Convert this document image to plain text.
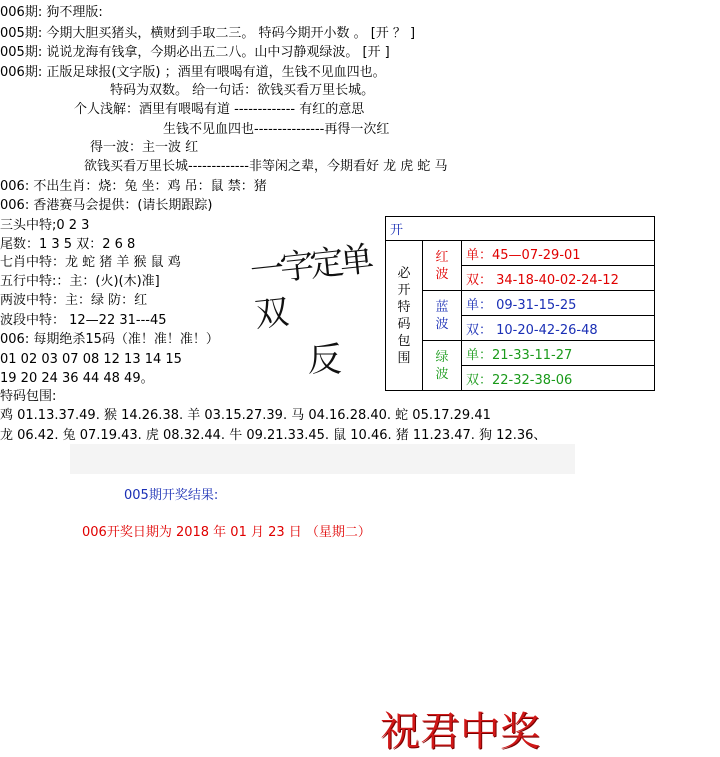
006期: 狗不理版:
005期: 今期大胆买猪头，横财到手取二三。 特码今期开小数 。 [开 ？ ]
005期: 说说龙海有钱拿，今期必出五二八。山中习静观绿波。 [开 ]
006期: 正版足球报(文字版) ；酒里有喂喝有道，生钱不见血四也。
特码为双数。 给一句话：欲钱买看万里长城。
个人浅解：酒里有喂喝有道 ------------- 有红的意思
生钱不见血四也---------------再得一次红
得一波：主一波 红
欲钱买看万里长城-------------非等闲之辈，今期看好 龙 虎 蛇 马
006: 不出生肖：烧：兔 坐：鸡 吊：鼠 禁：猪
006: 香港赛马会提供：(请长期跟踪)
三头中特;0 2 3
尾数：1 3 5 双：2 6 8
七肖中特：龙 蛇 猪 羊 猴 鼠 鸡
五行中特:：主：(火)(木)准]
两波中特：主：绿 防：红
波段中特： 12—22 31---45
006: 每期绝杀15码（准！准！准！）
01 02 03 07 08 12 13 14 15
19 20 24 36 44 48 49。
特码包围:
鸡 01.13.37.49. 猴 14.26.38. 羊 03.15.27.39. 马 04.16.28.40. 蛇 05.17.29.41
龙 06.42. 兔 07.19.43. 虎 08.32.44. 牛 09.21.33.45. 鼠 10.46. 猪 11.23.47. 狗 12.36、
一字定单双
反
开		
必开特码包围	红波	单：45—07-29-01
		双： 34-18-40-02-24-12
	蓝波	单： 09-31-15-25
		双： 10-20-42-26-48
	绿波	单：21-33-11-27
		双：22-32-38-06
005期开奖结果:
006开奖日期为 2018 年 01 月 23 日 （星期二）
祝君中奖
